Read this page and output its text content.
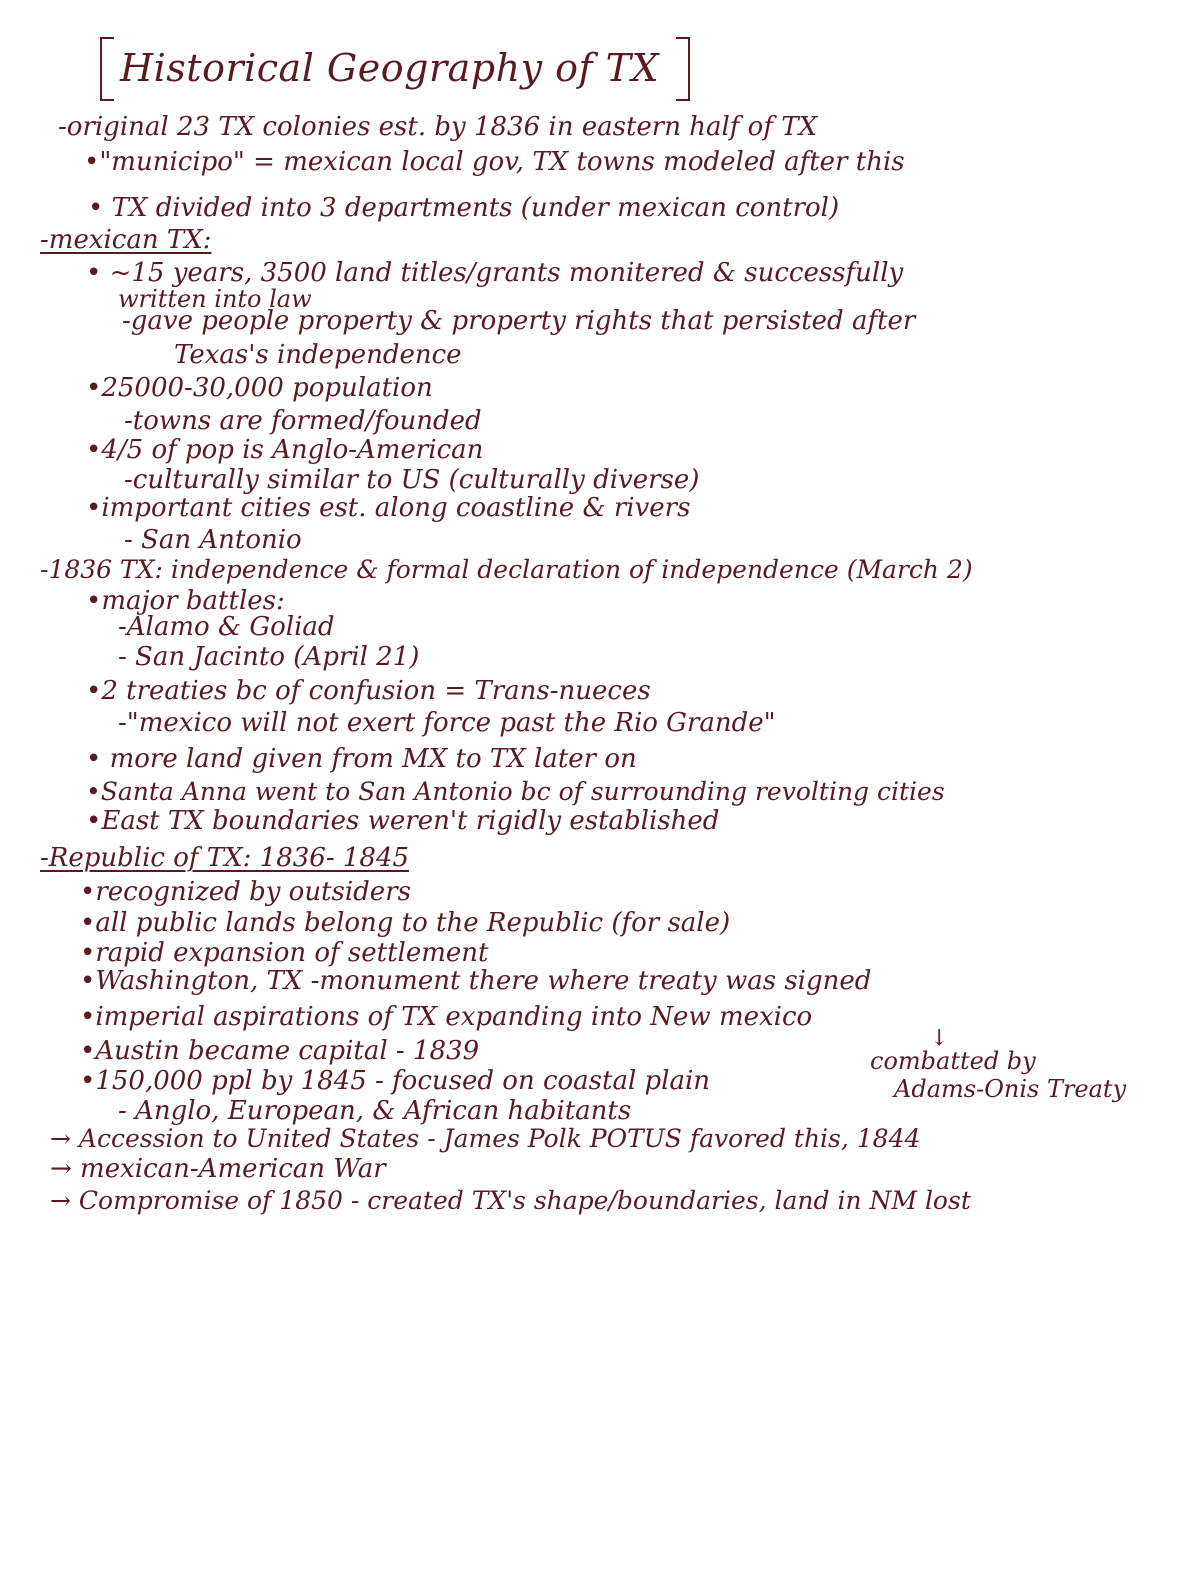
Historical Geography of TX
-original 23 TX colonies est. by 1836 in eastern half of TX
•"municipo" = mexican local gov, TX towns modeled after this
• TX divided into 3 departments (under mexican control)
-mexican TX:
• ~15 years, 3500 land titles/grants monitered & successfully
written into law
-gave people property & property rights that persisted after
Texas's independence
•25000-30,000 population
-towns are formed/founded
•4/5 of pop is Anglo-American
-culturally similar to US (culturally diverse)
•important cities est. along coastline & rivers
- San Antonio
-1836 TX: independence & formal declaration of independence (March 2)
•major battles:
-Alamo & Goliad
- San Jacinto (April 21)
•2 treaties bc of confusion = Trans-nueces
-"mexico will not exert force past the Rio Grande"
• more land given from MX to TX later on
•Santa Anna went to San Antonio bc of surrounding revolting cities
•East TX boundaries weren't rigidly established
-Republic of TX: 1836- 1845
•recognized by outsiders
•all public lands belong to the Republic (for sale)
•rapid expansion of settlement
•Washington, TX -monument there where treaty was signed
•imperial aspirations of TX expanding into New mexico
•Austin became capital - 1839
•150,000 ppl by 1845 - focused on coastal plain
- Anglo, European, & African habitants
→ Accession to United States - James Polk POTUS favored this, 1844
→ mexican-American War
→ Compromise of 1850 - created TX's shape/boundaries, land in NM lost
↓
combatted by
Adams-Onis Treaty
